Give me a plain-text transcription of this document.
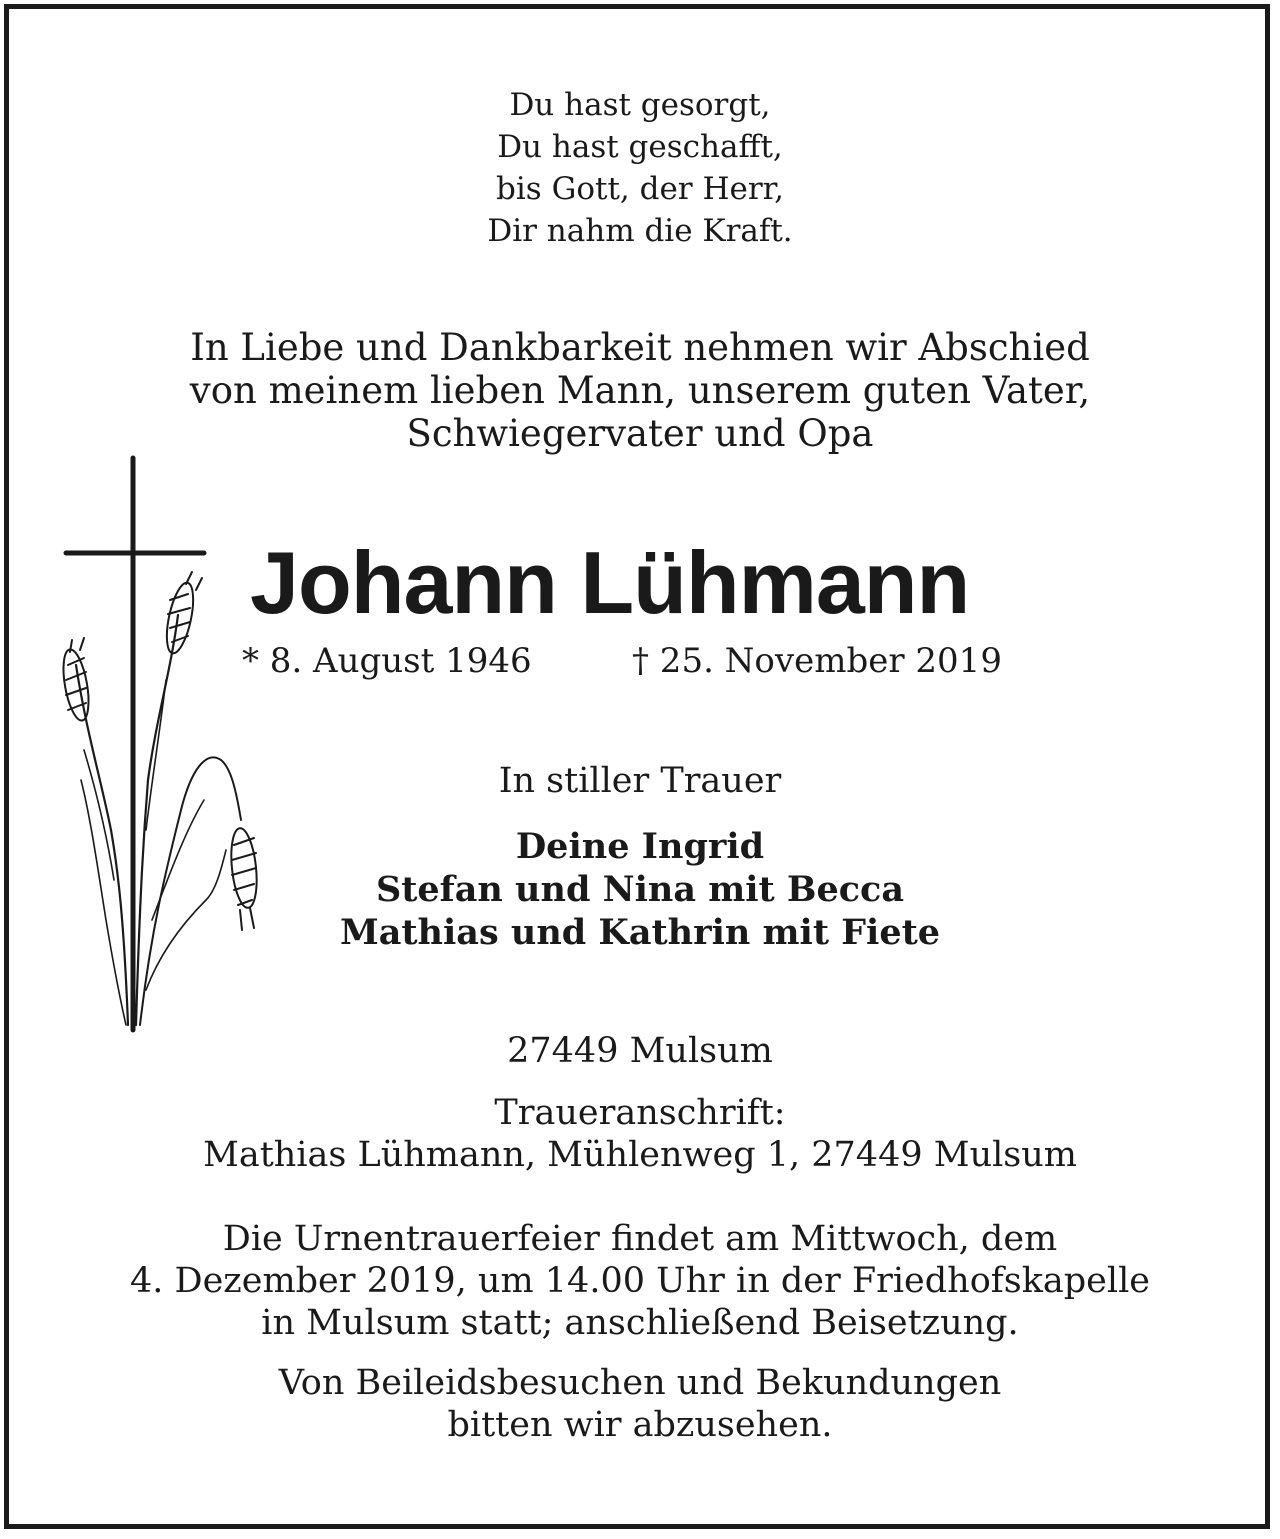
Du hast gesorgt,
Du hast geschafft,
bis Gott, der Herr,
Dir nahm die Kraft.
In Liebe und Dankbarkeit nehmen wir Abschied
von meinem lieben Mann, unserem guten Vater,
Schwiegervater und Opa
Johann Lühmann
* 8. August 1946	† 25. November 2019
In stiller Trauer
Deine Ingrid
Stefan und Nina mit Becca
Mathias und Kathrin mit Fiete
27449 Mulsum
Traueranschrift:
Mathias Lühmann, Mühlenweg 1, 27449 Mulsum
Die Urnentrauerfeier findet am Mittwoch, dem
4. Dezember 2019, um 14.00 Uhr in der Friedhofskapelle
in Mulsum statt; anschließend Beisetzung.
Von Beileidsbesuchen und Bekundungen
bitten wir abzusehen.
